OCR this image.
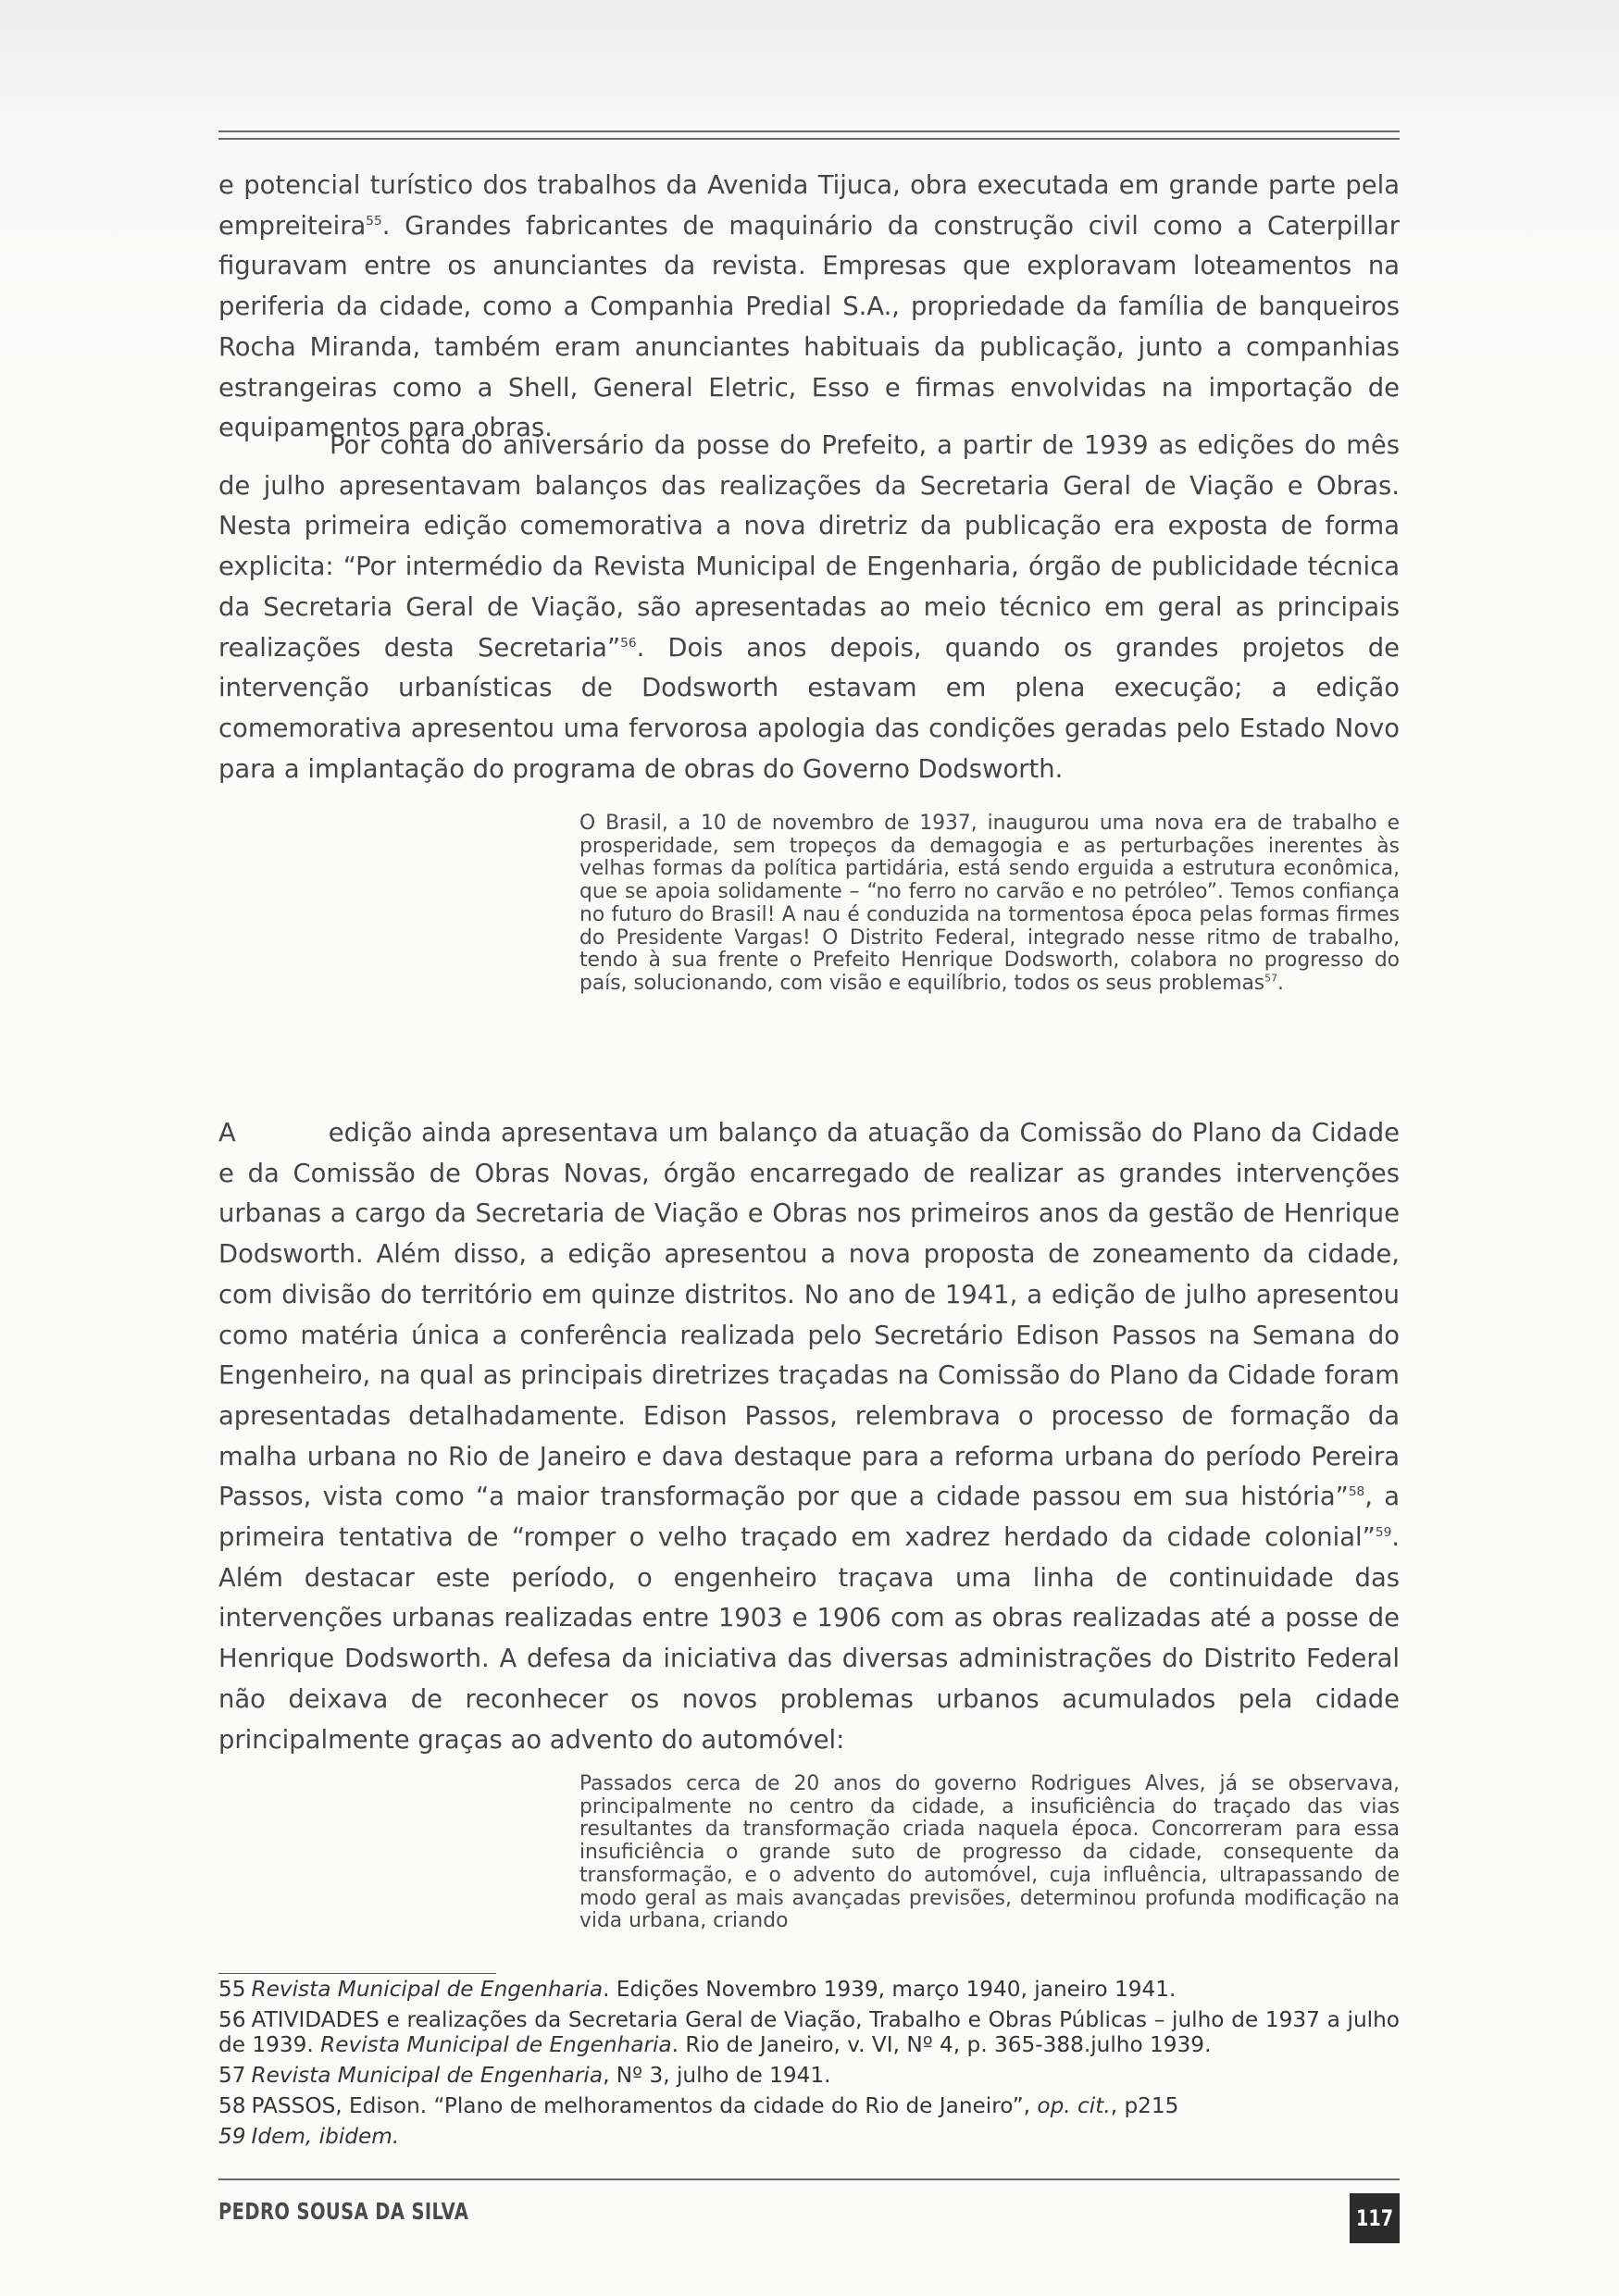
e potencial turístico dos trabalhos da Avenida Tijuca, obra executada em grande parte pela empreiteira$^{55}$. Grandes fabricantes de maquinário da construção civil como a Caterpillar figuravam entre os anunciantes da revista. Empresas que exploravam loteamentos na periferia da cidade, como a Companhia Predial S.A., propriedade da família de banqueiros Rocha Miranda, também eram anunciantes habituais da publicação, junto a companhias estrangeiras como a Shell, General Eletric, Esso e firmas envolvidas na importação de equipamentos para obras.

Por conta do aniversário da posse do Prefeito, a partir de 1939 as edições do mês de julho apresentavam balanços das realizações da Secretaria Geral de Viação e Obras. Nesta primeira edição comemorativa a nova diretriz da publicação era exposta de forma explicita: “Por intermédio da Revista Municipal de Engenharia, órgão de publicidade técnica da Secretaria Geral de Viação, são apresentadas ao meio técnico em geral as principais realizações desta Secretaria”$^{56}$. Dois anos depois, quando os grandes projetos de intervenção urbanísticas de Dodsworth estavam em plena execução; a edição comemorativa apresentou uma fervorosa apologia das condições geradas pelo Estado Novo para a implantação do programa de obras do Governo Dodsworth.

O Brasil, a 10 de novembro de 1937, inaugurou uma nova era de trabalho e prosperidade, sem tropeços da demagogia e as perturbações inerentes às velhas formas da política partidária, está sendo erguida a estrutura econômica, que se apoia solidamente – “no ferro no carvão e no petróleo”. Temos confiança no futuro do Brasil! A nau é conduzida na tormentosa época pelas formas firmes do Presidente Vargas! O Distrito Federal, integrado nesse ritmo de trabalho, tendo à sua frente o Prefeito Henrique Dodsworth, colabora no progresso do país, solucionando, com visão e equilíbrio, todos os seus problemas$^{57}$.

A	edição ainda apresentava um balanço da atuação da Comissão do Plano da Cidade e da Comissão de Obras Novas, órgão encarregado de realizar as grandes intervenções urbanas a cargo da Secretaria de Viação e Obras nos primeiros anos da gestão de Henrique Dodsworth. Além disso, a edição apresentou a nova proposta de zoneamento da cidade, com divisão do território em quinze distritos. No ano de 1941, a edição de julho apresentou como matéria única a conferência realizada pelo Secretário Edison Passos na Semana do Engenheiro, na qual as principais diretrizes traçadas na Comissão do Plano da Cidade foram apresentadas detalhadamente. Edison Passos, relembrava o processo de formação da malha urbana no Rio de Janeiro e dava destaque para a reforma urbana do período Pereira Passos, vista como “a maior transformação por que a cidade passou em sua história”$^{58}$, a primeira tentativa de “romper o velho traçado em xadrez herdado da cidade colonial”$^{59}$. Além destacar este período, o engenheiro traçava uma linha de continuidade das intervenções urbanas realizadas entre 1903 e 1906 com as obras realizadas até a posse de Henrique Dodsworth. A defesa da iniciativa das diversas administrações do Distrito Federal não deixava de reconhecer os novos problemas urbanos acumulados pela cidade principalmente graças ao advento do automóvel:

Passados cerca de 20 anos do governo Rodrigues Alves, já se observava, principalmente no centro da cidade, a insuficiência do traçado das vias resultantes da transformação criada naquela época. Concorreram para essa insuficiência o grande suto de progresso da cidade, consequente da transformação, e o advento do automóvel, cuja influência, ultrapassando de modo geral as mais avançadas previsões, determinou profunda modificação na vida urbana, criando

55 Revista Municipal de Engenharia. Edições Novembro 1939, março 1940, janeiro 1941.
56 ATIVIDADES e realizações da Secretaria Geral de Viação, Trabalho e Obras Públicas – julho de 1937 a julho de 1939. Revista Municipal de Engenharia. Rio de Janeiro, v. VI, Nº 4, p. 365-388.julho 1939.
57 Revista Municipal de Engenharia, Nº 3, julho de 1941.
58 PASSOS, Edison. “Plano de melhoramentos da cidade do Rio de Janeiro”, op. cit., p215
59 Idem, ibidem.
PEDRO SOUSA DA SILVA	117
